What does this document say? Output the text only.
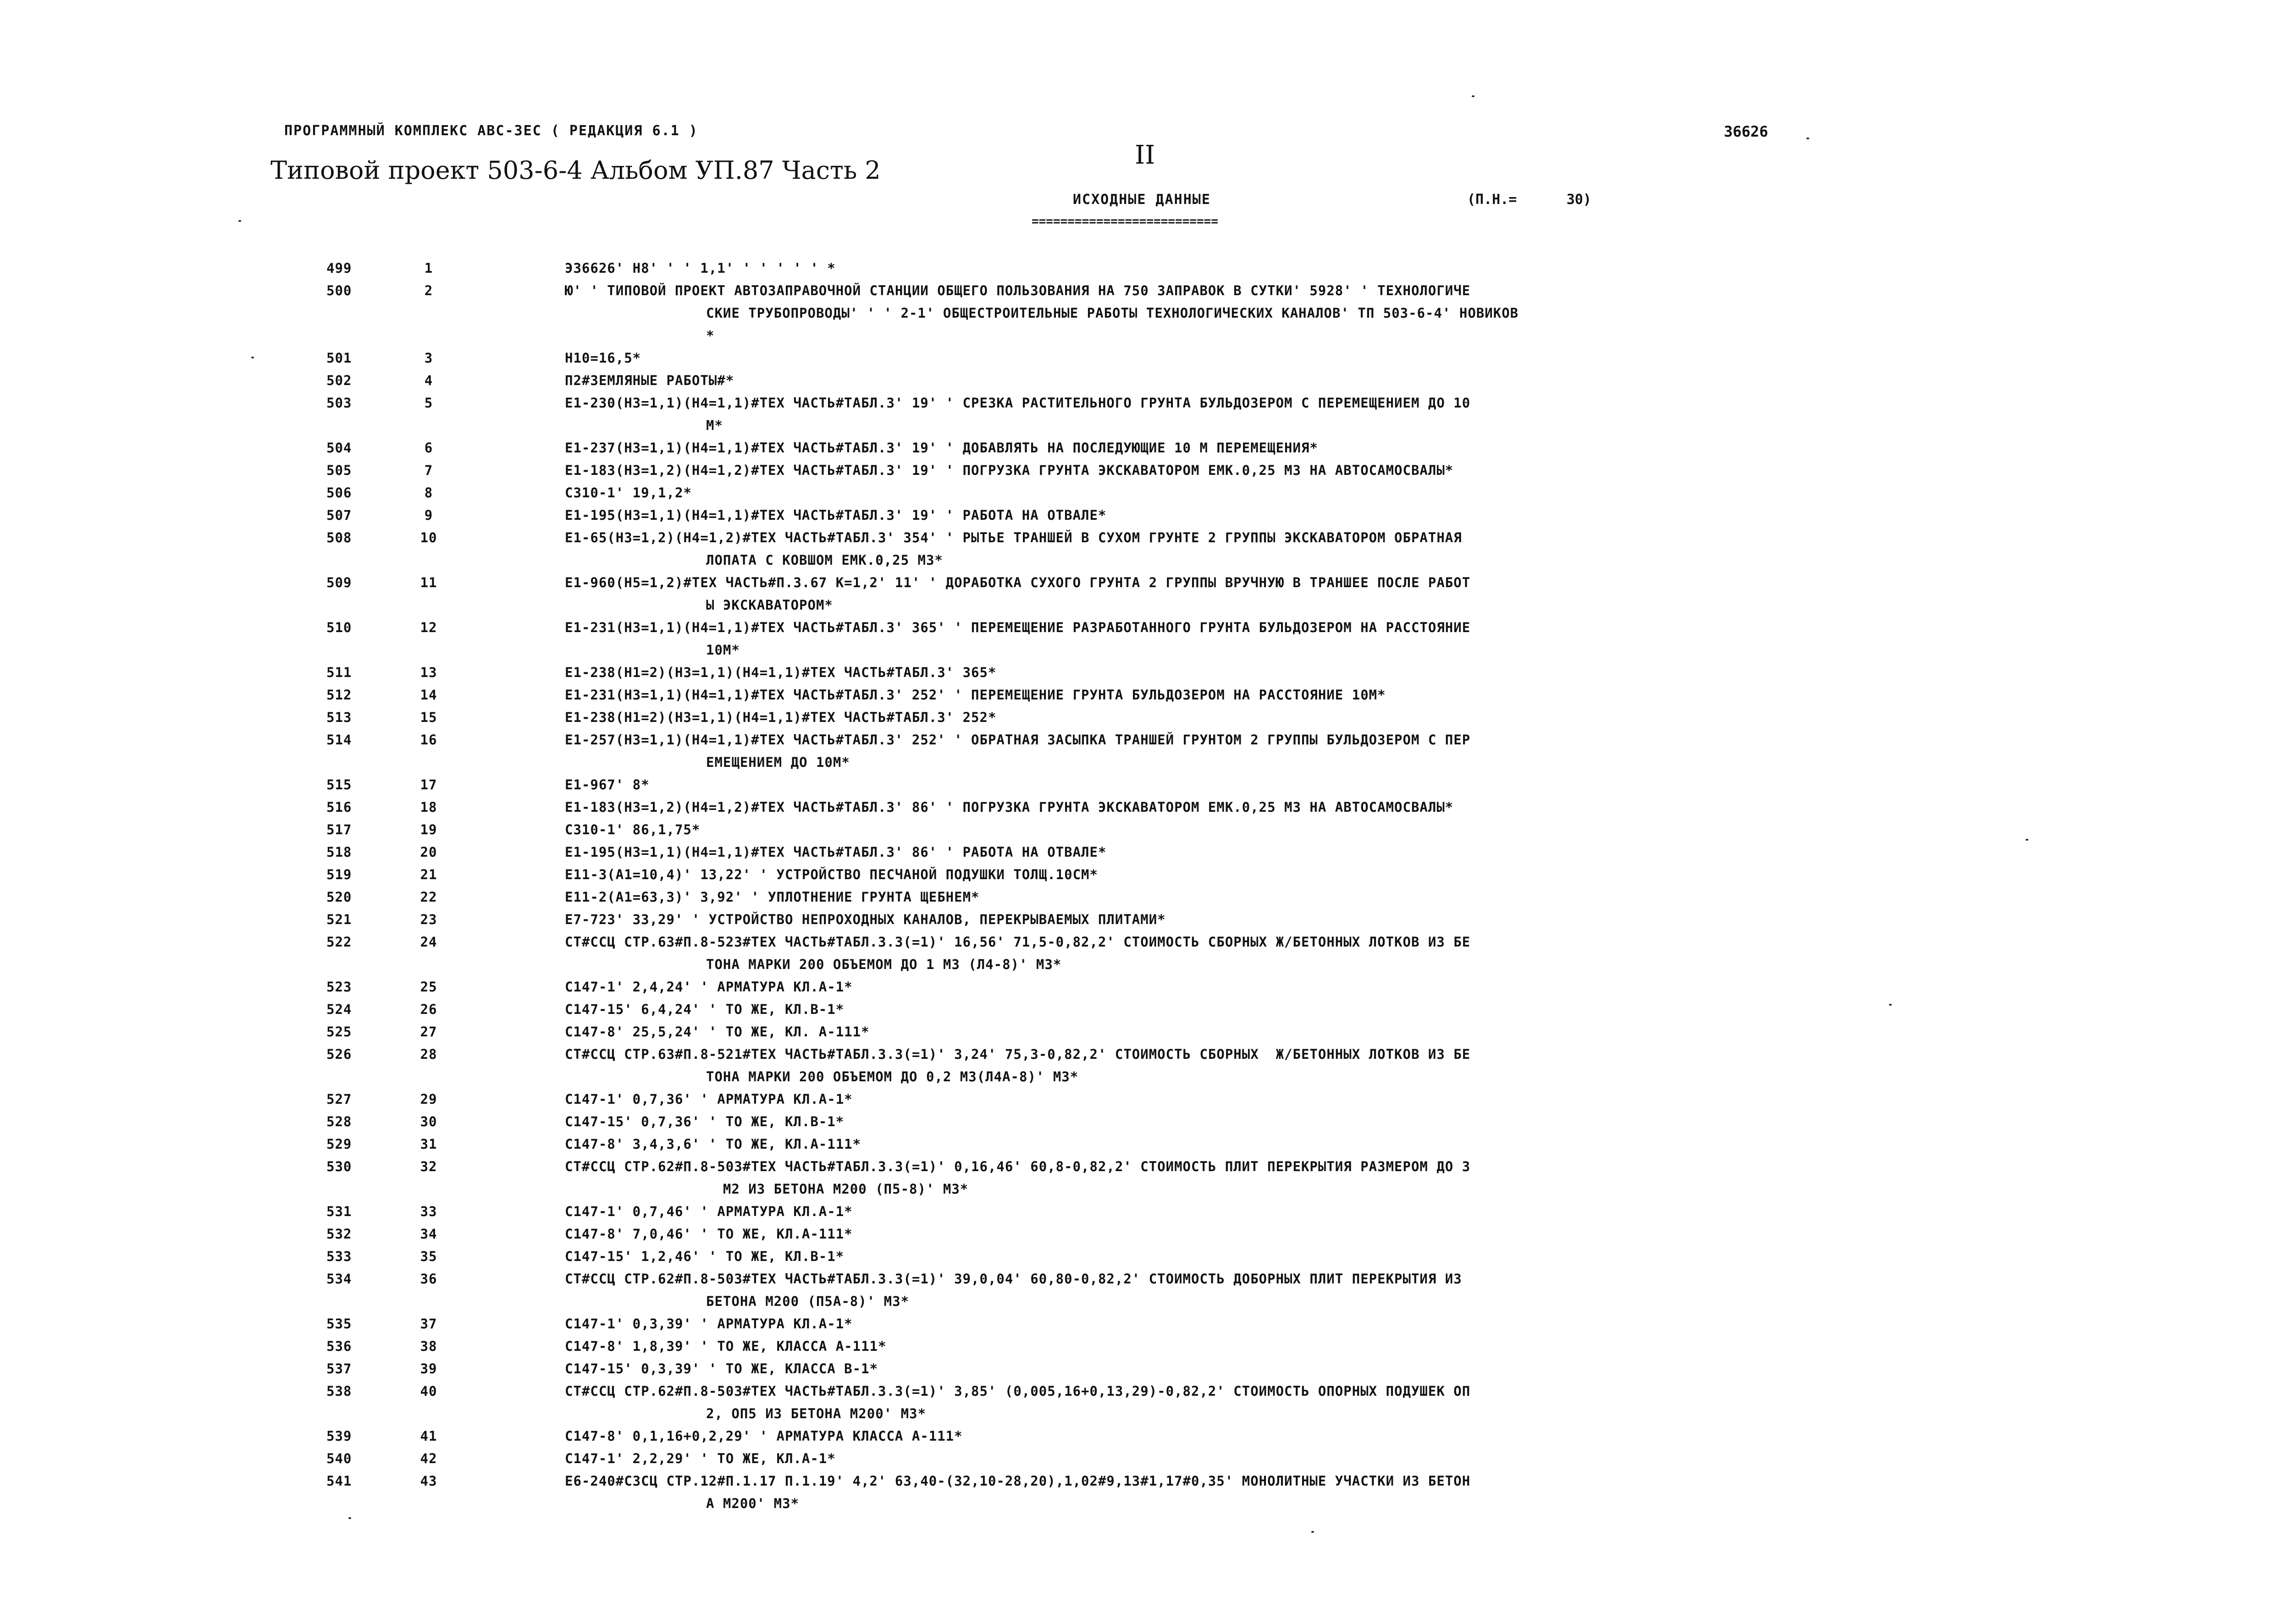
ПРОГРАММНЫЙ КОМПЛЕКС АВС-ЗЕС ( РЕДАКЦИЯ 6.1 )	36626
Типовой проект 503-6-4 Альбом УП.87 Часть 2
II
ИСХОДНЫЕ ДАННЫЕ	(П.Н.=      30)
==========================
499	1	Э36626' Н8' ' ' 1,1' ' ' ' ' ' *
500	2	Ю' ' ТИПОВОЙ ПРОЕКТ АВТОЗАПРАВОЧНОЙ СТАНЦИИ ОБЩЕГО ПОЛЬЗОВАНИЯ НА 750 ЗАПРАВОК В СУТКИ' 5928' ' ТЕХНОЛОГИЧЕ
СКИЕ ТРУБОПРОВОДЫ' ' ' 2-1' ОБЩЕСТРОИТЕЛЬНЫЕ РАБОТЫ ТЕХНОЛОГИЧЕСКИХ КАНАЛОВ' ТП 503-6-4' НОВИКОВ
*
501	3	Н10=16,5*
502	4	П2#ЗЕМЛЯНЫЕ РАБОТЫ#*
503	5	Е1-230(Н3=1,1)(Н4=1,1)#ТЕХ ЧАСТЬ#ТАБЛ.3' 19' ' СРЕЗКА РАСТИТЕЛЬНОГО ГРУНТА БУЛЬДОЗЕРОМ С ПЕРЕМЕЩЕНИЕМ ДО 10
М*
504	6	Е1-237(Н3=1,1)(Н4=1,1)#ТЕХ ЧАСТЬ#ТАБЛ.3' 19' ' ДОБАВЛЯТЬ НА ПОСЛЕДУЮЩИЕ 10 М ПЕРЕМЕЩЕНИЯ*
505	7	Е1-183(Н3=1,2)(Н4=1,2)#ТЕХ ЧАСТЬ#ТАБЛ.3' 19' ' ПОГРУЗКА ГРУНТА ЭКСКАВАТОРОМ ЕМК.0,25 М3 НА АВТОСАМОСВАЛЫ*
506	8	С310-1' 19,1,2*
507	9	Е1-195(Н3=1,1)(Н4=1,1)#ТЕХ ЧАСТЬ#ТАБЛ.3' 19' ' РАБОТА НА ОТВАЛЕ*
508	10	Е1-65(Н3=1,2)(Н4=1,2)#ТЕХ ЧАСТЬ#ТАБЛ.3' 354' ' РЫТЬЕ ТРАНШЕЙ В СУХОМ ГРУНТЕ 2 ГРУППЫ ЭКСКАВАТОРОМ ОБРАТНАЯ
ЛОПАТА С КОВШОМ ЕМК.0,25 М3*
509	11	Е1-960(Н5=1,2)#ТЕХ ЧАСТЬ#П.3.67 К=1,2' 11' ' ДОРАБОТКА СУХОГО ГРУНТА 2 ГРУППЫ ВРУЧНУЮ В ТРАНШЕЕ ПОСЛЕ РАБОТ
Ы ЭКСКАВАТОРОМ*
510	12	Е1-231(Н3=1,1)(Н4=1,1)#ТЕХ ЧАСТЬ#ТАБЛ.3' 365' ' ПЕРЕМЕЩЕНИЕ РАЗРАБОТАННОГО ГРУНТА БУЛЬДОЗЕРОМ НА РАССТОЯНИЕ
10М*
511	13	Е1-238(Н1=2)(Н3=1,1)(Н4=1,1)#ТЕХ ЧАСТЬ#ТАБЛ.3' 365*
512	14	Е1-231(Н3=1,1)(Н4=1,1)#ТЕХ ЧАСТЬ#ТАБЛ.3' 252' ' ПЕРЕМЕЩЕНИЕ ГРУНТА БУЛЬДОЗЕРОМ НА РАССТОЯНИЕ 10М*
513	15	Е1-238(Н1=2)(Н3=1,1)(Н4=1,1)#ТЕХ ЧАСТЬ#ТАБЛ.3' 252*
514	16	Е1-257(Н3=1,1)(Н4=1,1)#ТЕХ ЧАСТЬ#ТАБЛ.3' 252' ' ОБРАТНАЯ ЗАСЫПКА ТРАНШЕЙ ГРУНТОМ 2 ГРУППЫ БУЛЬДОЗЕРОМ С ПЕР
ЕМЕЩЕНИЕМ ДО 10М*
515	17	Е1-967' 8*
516	18	Е1-183(Н3=1,2)(Н4=1,2)#ТЕХ ЧАСТЬ#ТАБЛ.3' 86' ' ПОГРУЗКА ГРУНТА ЭКСКАВАТОРОМ ЕМК.0,25 М3 НА АВТОСАМОСВАЛЫ*
517	19	С310-1' 86,1,75*
518	20	Е1-195(Н3=1,1)(Н4=1,1)#ТЕХ ЧАСТЬ#ТАБЛ.3' 86' ' РАБОТА НА ОТВАЛЕ*
519	21	Е11-3(А1=10,4)' 13,22' ' УСТРОЙСТВО ПЕСЧАНОЙ ПОДУШКИ ТОЛЩ.10СМ*
520	22	Е11-2(А1=63,3)' 3,92' ' УПЛОТНЕНИЕ ГРУНТА ЩЕБНЕМ*
521	23	Е7-723' 33,29' ' УСТРОЙСТВО НЕПРОХОДНЫХ КАНАЛОВ, ПЕРЕКРЫВАЕМЫХ ПЛИТАМИ*
522	24	СТ#ССЦ СТР.63#П.8-523#ТЕХ ЧАСТЬ#ТАБЛ.3.3(=1)' 16,56' 71,5-0,82,2' СТОИМОСТЬ СБОРНЫХ Ж/БЕТОННЫХ ЛОТКОВ ИЗ БЕ
ТОНА МАРКИ 200 ОБЪЕМОМ ДО 1 М3 (Л4-8)' М3*
523	25	С147-1' 2,4,24' ' АРМАТУРА КЛ.А-1*
524	26	С147-15' 6,4,24' ' ТО ЖЕ, КЛ.В-1*
525	27	С147-8' 25,5,24' ' ТО ЖЕ, КЛ. А-111*
526	28	СТ#ССЦ СТР.63#П.8-521#ТЕХ ЧАСТЬ#ТАБЛ.3.3(=1)' 3,24' 75,3-0,82,2' СТОИМОСТЬ СБОРНЫХ  Ж/БЕТОННЫХ ЛОТКОВ ИЗ БЕ
ТОНА МАРКИ 200 ОБЪЕМОМ ДО 0,2 М3(Л4А-8)' М3*
527	29	С147-1' 0,7,36' ' АРМАТУРА КЛ.А-1*
528	30	С147-15' 0,7,36' ' ТО ЖЕ, КЛ.В-1*
529	31	С147-8' 3,4,3,6' ' ТО ЖЕ, КЛ.А-111*
530	32	СТ#ССЦ СТР.62#П.8-503#ТЕХ ЧАСТЬ#ТАБЛ.3.3(=1)' 0,16,46' 60,8-0,82,2' СТОИМОСТЬ ПЛИТ ПЕРЕКРЫТИЯ РАЗМЕРОМ ДО 3
М2 ИЗ БЕТОНА М200 (П5-8)' М3*
531	33	С147-1' 0,7,46' ' АРМАТУРА КЛ.А-1*
532	34	С147-8' 7,0,46' ' ТО ЖЕ, КЛ.А-111*
533	35	С147-15' 1,2,46' ' ТО ЖЕ, КЛ.В-1*
534	36	СТ#ССЦ СТР.62#П.8-503#ТЕХ ЧАСТЬ#ТАБЛ.3.3(=1)' 39,0,04' 60,80-0,82,2' СТОИМОСТЬ ДОБОРНЫХ ПЛИТ ПЕРЕКРЫТИЯ ИЗ
БЕТОНА М200 (П5А-8)' М3*
535	37	С147-1' 0,3,39' ' АРМАТУРА КЛ.А-1*
536	38	С147-8' 1,8,39' ' ТО ЖЕ, КЛАССА А-111*
537	39	С147-15' 0,3,39' ' ТО ЖЕ, КЛАССА В-1*
538	40	СТ#ССЦ СТР.62#П.8-503#ТЕХ ЧАСТЬ#ТАБЛ.3.3(=1)' 3,85' (0,005,16+0,13,29)-0,82,2' СТОИМОСТЬ ОПОРНЫХ ПОДУШЕК ОП
2, ОП5 ИЗ БЕТОНА М200' М3*
539	41	С147-8' 0,1,16+0,2,29' ' АРМАТУРА КЛАССА А-111*
540	42	С147-1' 2,2,29' ' ТО ЖЕ, КЛ.А-1*
541	43	Е6-240#С3СЦ СТР.12#П.1.17 П.1.19' 4,2' 63,40-(32,10-28,20),1,02#9,13#1,17#0,35' МОНОЛИТНЫЕ УЧАСТКИ ИЗ БЕТОН
А М200' М3*
